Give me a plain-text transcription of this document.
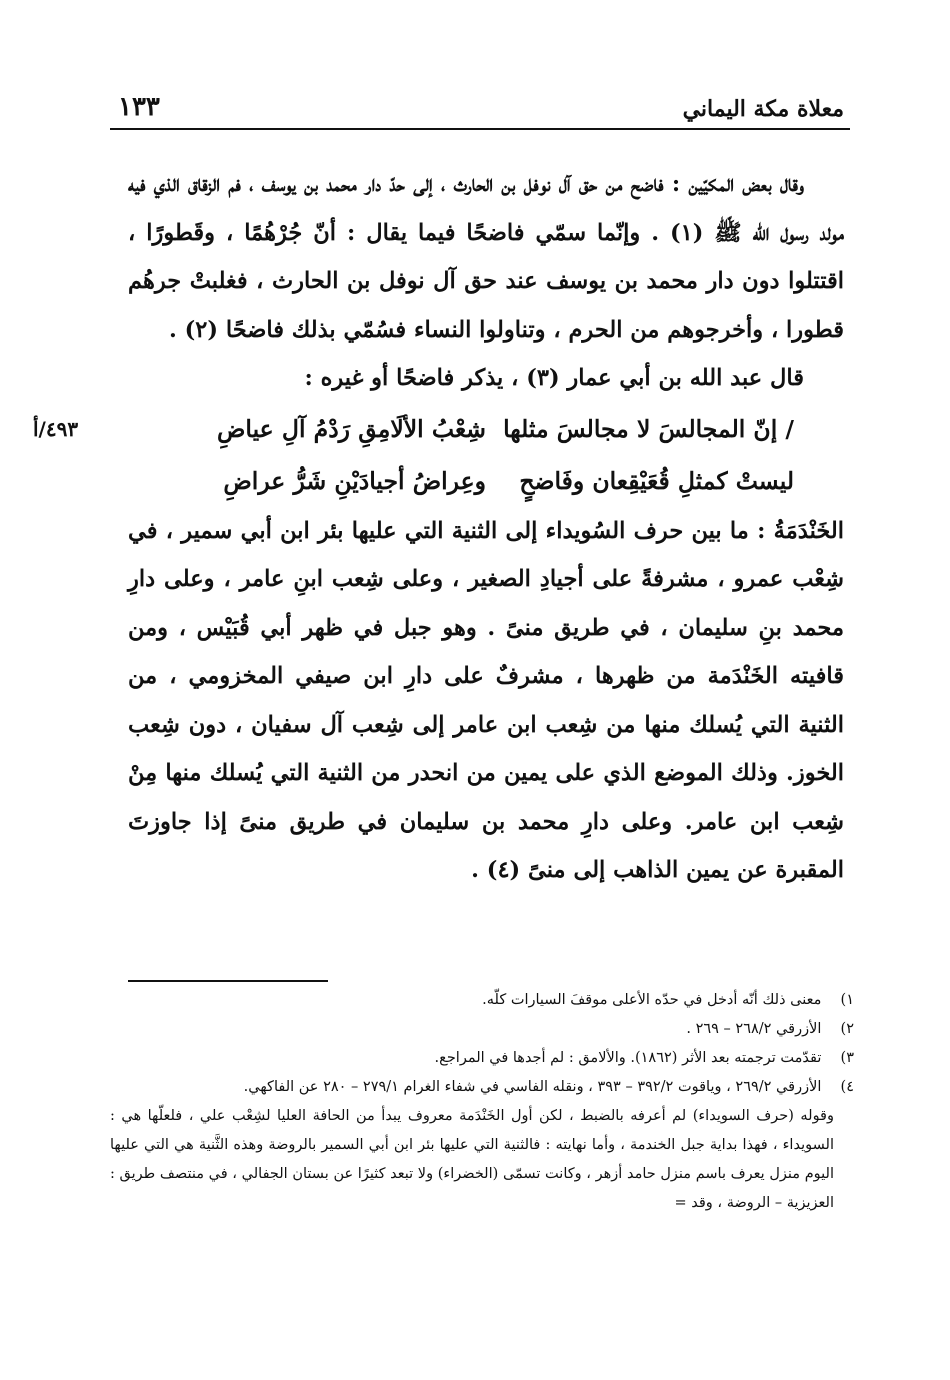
معلاة مكة اليماني
١٣٣

وقال بعض المكيّين : فاضح من حق آل نوفل بن الحارث ، إلى حدّ دار محمد بن يوسف ، فم الزقاق الذي فيه مولد رسول الله ﷺ (١) . وإنّما سمّي فاضحًا فيما يقال : أنّ جُرْهُمًا ، وقَطورًا ، اقتتلوا دون دار محمد بن يوسف عند حق آل نوفل بن الحارث ، فغلبتْ جرهُم قطورا ، وأخرجوهم من الحرم ، وتناولوا النساء فسُمّي بذلك فاضحًا (٢) .

قال عبد الله بن أبي عمار (٣) ، يذكر فاضحًا أو غيره :

/ إنّ المجالسَ لا مجالسَ مثلها
شِعْبُ الألَامِقِ رَدْمُ آلِ عياضِ
٤٩٣/أ
ليستْ كمثلِ قُعَيْقِعان وفَاضحٍ
وعِراضُ أجيادَيْنِ شَرُّ عراضِ

الخَنْدَمَةُ : ما بين حرف السُويداء إلى الثنية التي عليها بئر ابن أبي سمير ، في شِعْب عمرو ، مشرفةً على أجيادِ الصغير ، وعلى شِعب ابنِ عامر ، وعلى دارِ محمد بنِ سليمان ، في طريق منىً . وهو جبل في ظهر أبي قُبَيْس ، ومن قافيته الخَنْدَمة من ظهرها ، مشرفٌ على دارِ ابن صيفي المخزومي ، من الثنية التي يُسلك منها من شِعب ابن عامر إلى شِعب آل سفيان ، دون شِعب الخوز. وذلك الموضع الذي على يمين من انحدر من الثنية التي يُسلك منها مِنْ شِعب ابن عامر. وعلى دارِ محمد بن سليمان في طريق منىً إذا جاوزتَ المقبرة عن يمين الذاهب إلى منىً (٤) .

١) معنى ذلك أنّه أدخل في حدّه الأعلى موقفَ السيارات كلّه.

٢) الأزرقي ٢٦٨/٢ – ٢٦٩ .

٣) تقدّمت ترجمته بعد الأثر (١٨٦٢). والألامق : لم أجدها في المراجع.

٤) الأزرقي ٢٦٩/٢ ، وياقوت ٣٩٢/٢ – ٣٩٣ ، ونقله الفاسي في شفاء الغرام ٢٧٩/١ – ٢٨٠ عن الفاكهي.

وقوله (حرف السويداء) لم أعرفه بالضبط ، لكن أول الخَنْدَمة معروف يبدأ من الحافة العليا لشِعْب علي ، فلعلّها هي : السويداء ، فهذا بداية جبل الخندمة ، وأما نهايته : فالثنية التي عليها بئر ابن أبي السمير بالروضة وهذه الثَّنية هي التي عليها اليوم منزل يعرف باسم منزل حامد أزهر ، وكانت تسمّى (الخضراء) ولا تبعد كثيرًا عن بستان الجفالي ، في منتصف طريق : العزيزية – الروضة ، وقد =
